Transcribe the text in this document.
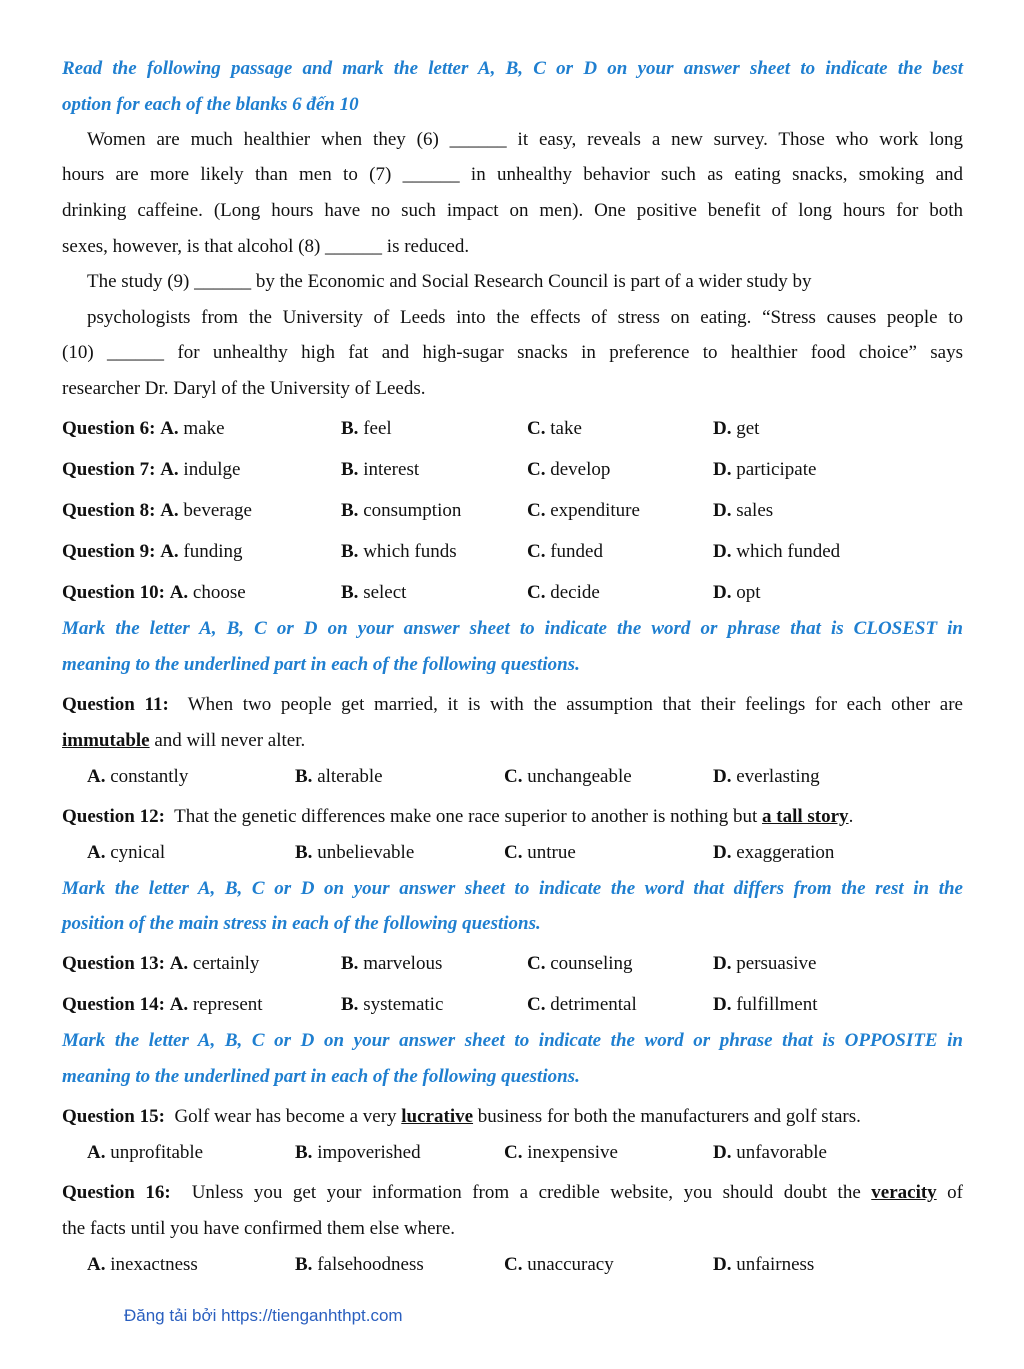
Read the following passage and mark the letter A, B, C or D on your answer sheet to indicate the best
option for each of the blanks 6 đến 10
Women are much healthier when they (6) ______ it easy, reveals a new survey. Those who work long
hours are more likely than men to (7) ______ in unhealthy behavior such as eating snacks, smoking and
drinking caffeine. (Long hours have no such impact on men). One positive benefit of long hours for both
sexes, however, is that alcohol (8) ______ is reduced.
The study (9) ______ by the Economic and Social Research Council is part of a wider study by
psychologists from the University of Leeds into the effects of stress on eating. “Stress causes people to
(10) ______ for unhealthy high fat and high-sugar snacks in preference to healthier food choice” says
researcher Dr. Daryl of the University of Leeds.
Question 6: A. make	B. feel	C. take	D. get
Question 7: A. indulge	B. interest	C. develop	D. participate
Question 8: A. beverage	B. consumption	C. expenditure	D. sales
Question 9: A. funding	B. which funds	C. funded	D. which funded
Question 10: A. choose	B. select	C. decide	D. opt
Mark the letter A, B, C or D on your answer sheet to indicate the word or phrase that is CLOSEST in
meaning to the underlined part in each of the following questions.
Question 11: When two people get married, it is with the assumption that their feelings for each other are
immutable and will never alter.
A. constantly	B. alterable	C. unchangeable	D. everlasting
Question 12: That the genetic differences make one race superior to another is nothing but a tall story.
A. cynical	B. unbelievable	C. untrue	D. exaggeration
Mark the letter A, B, C or D on your answer sheet to indicate the word that differs from the rest in the
position of the main stress in each of the following questions.
Question 13: A. certainly	B. marvelous	C. counseling	D. persuasive
Question 14: A. represent	B. systematic	C. detrimental	D. fulfillment
Mark the letter A, B, C or D on your answer sheet to indicate the word or phrase that is OPPOSITE in
meaning to the underlined part in each of the following questions.
Question 15: Golf wear has become a very lucrative business for both the manufacturers and golf stars.
A. unprofitable	B. impoverished	C. inexpensive	D. unfavorable
Question 16: Unless you get your information from a credible website, you should doubt the veracity of
the facts until you have confirmed them else where.
A. inexactness	B. falsehoodness	C. unaccuracy	D. unfairness
Đăng tải bởi https://tienganhthpt.com
